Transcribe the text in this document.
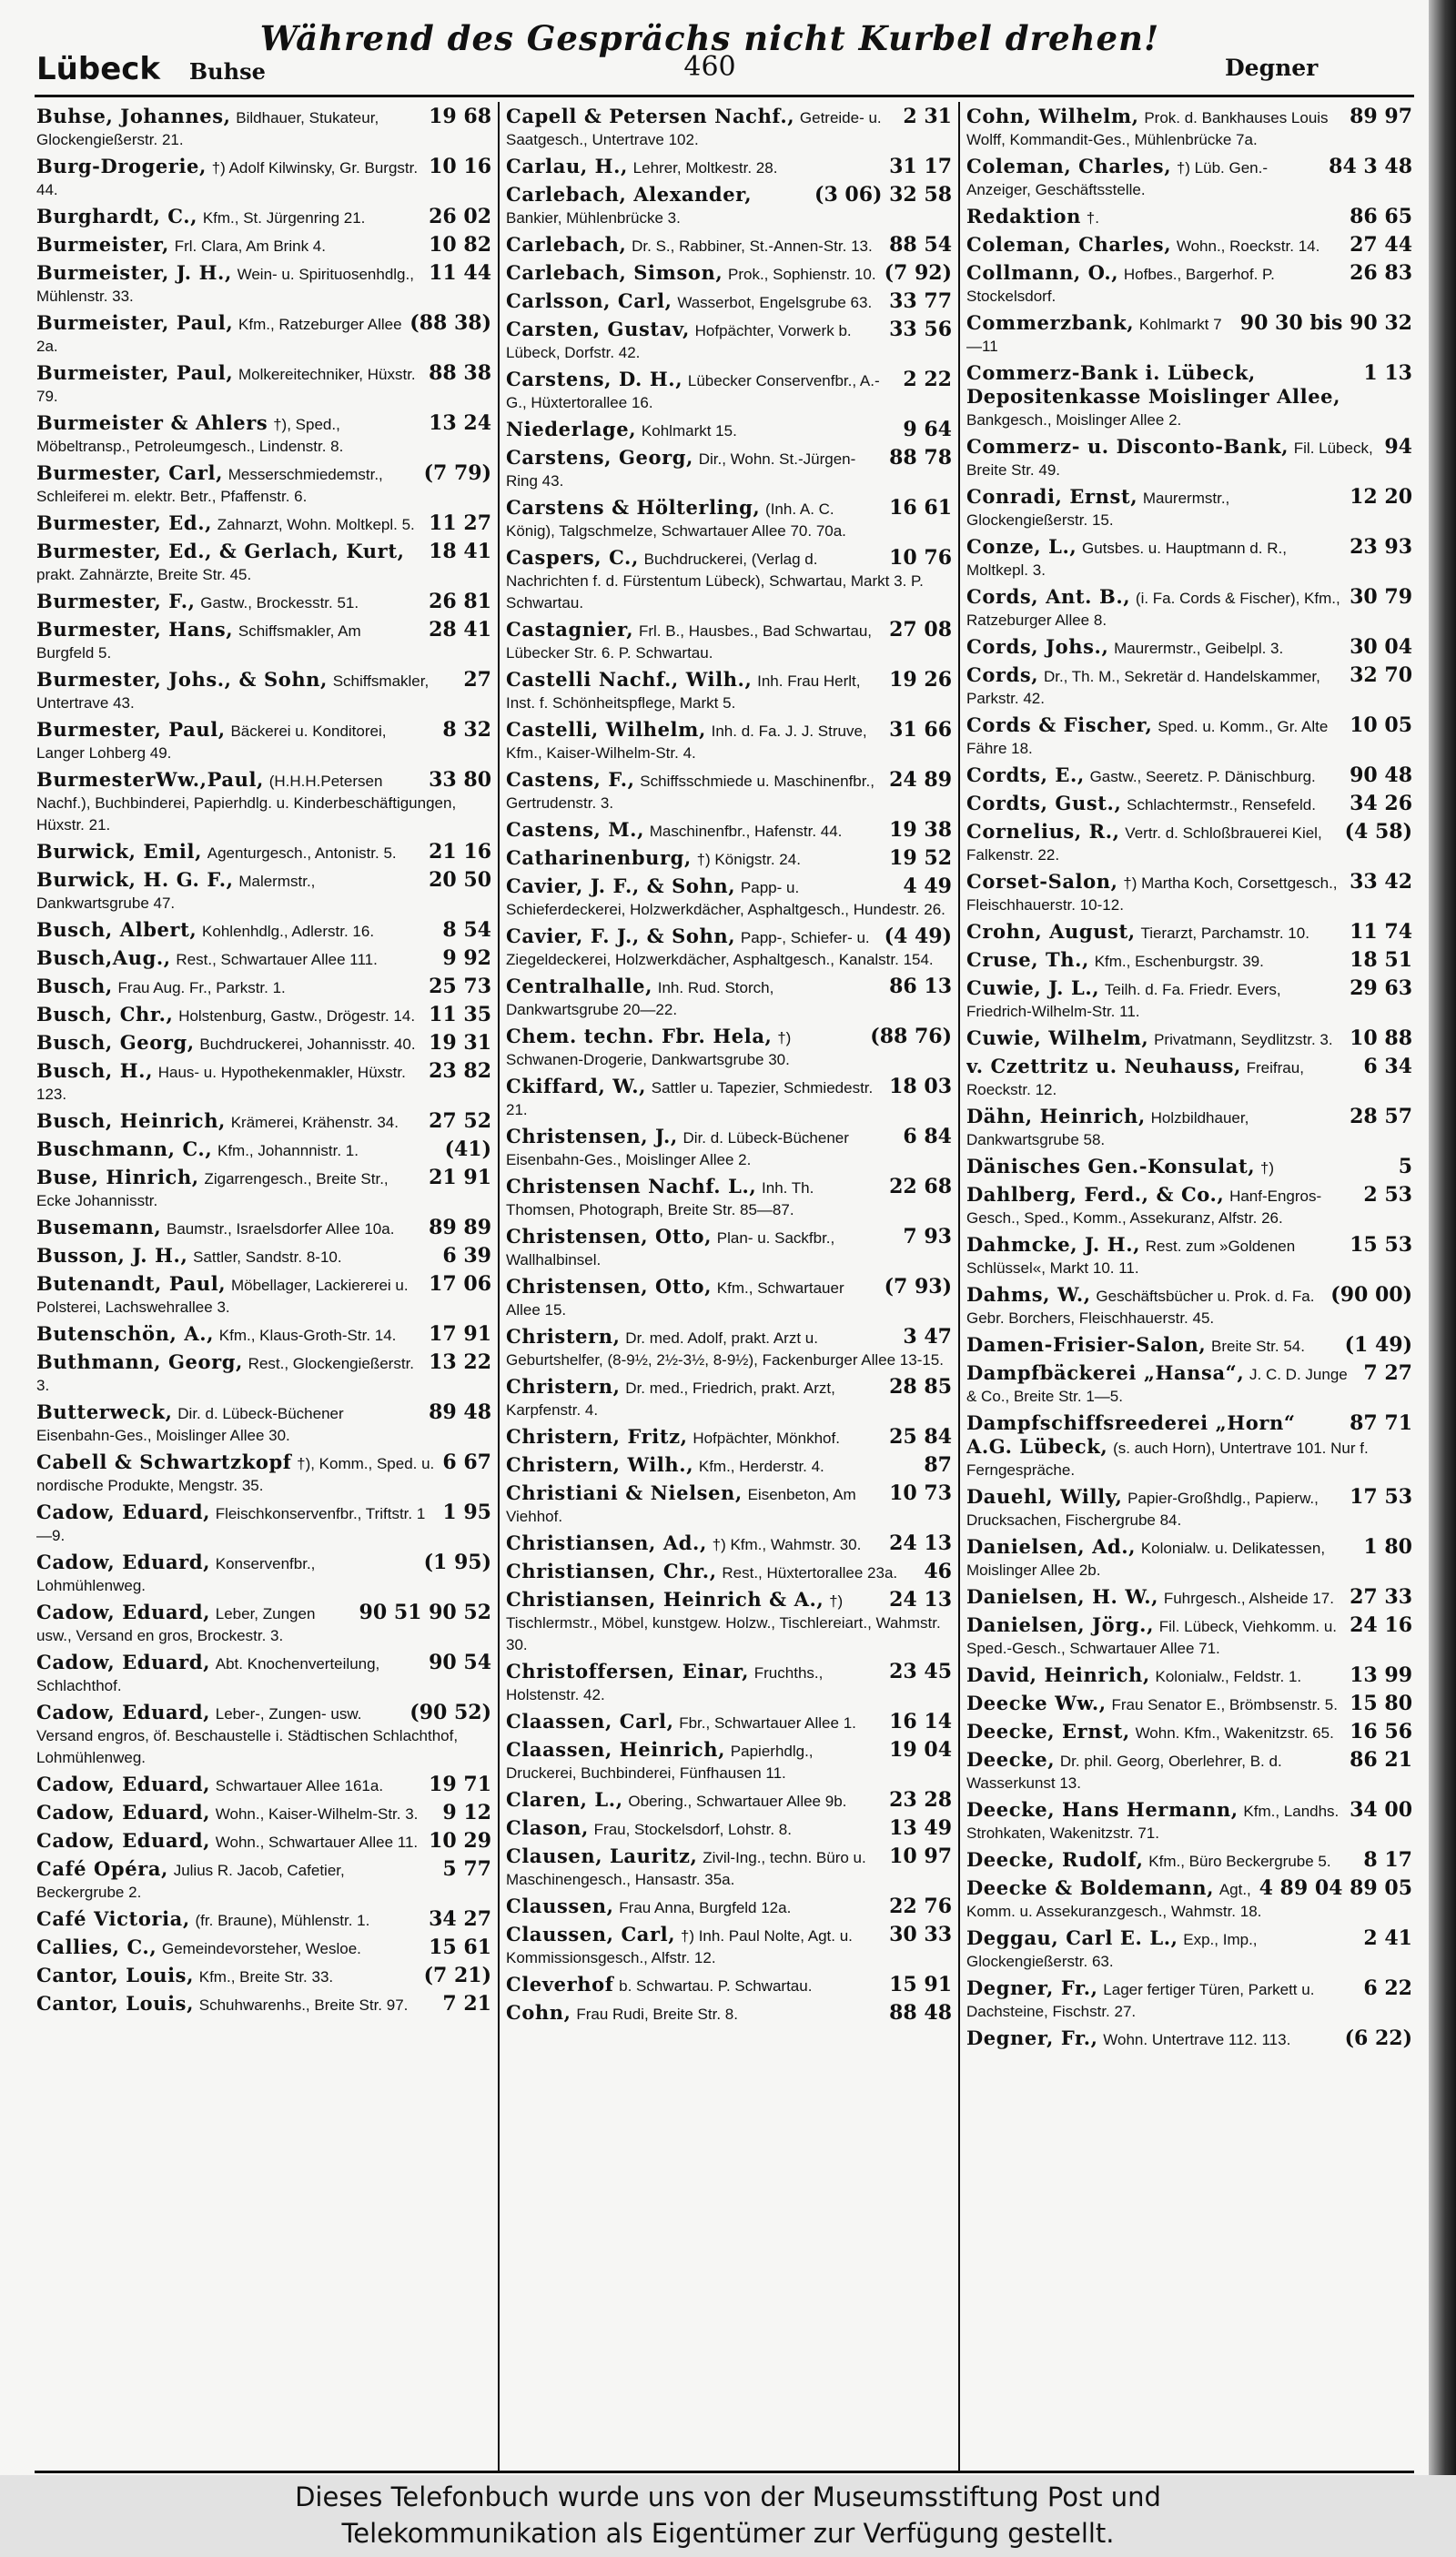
Während des Gesprächs nicht Kurbel drehen!
Lübeck Buhse	460	Degner
19 68
Buhse, Johannes, Bildhauer, Stukateur, Glockengießerstr. 21.
10 16
Burg-Drogerie, †) Adolf Kilwinsky, Gr. Burgstr. 44.
26 02
Burghardt, C., Kfm., St. Jürgenring 21.
10 82
Burmeister, Frl. Clara, Am Brink 4.
11 44
Burmeister, J. H., Wein- u. Spirituosenhdlg., Mühlenstr. 33.
(88 38)
Burmeister, Paul, Kfm., Ratzeburger Allee 2a.
88 38
Burmeister, Paul, Molkereitechniker, Hüxstr. 79.
13 24
Burmeister & Ahlers †), Sped., Möbeltransp., Petroleumgesch., Lindenstr. 8.
(7 79)
Burmester, Carl, Messerschmiedemstr., Schleiferei m. elektr. Betr., Pfaffenstr. 6.
11 27
Burmester, Ed., Zahnarzt, Wohn. Moltkepl. 5.
18 41
Burmester, Ed., & Gerlach, Kurt, prakt. Zahnärzte, Breite Str. 45.
26 81
Burmester, F., Gastw., Brockesstr. 51.
28 41
Burmester, Hans, Schiffsmakler, Am Burgfeld 5.
27
Burmester, Johs., & Sohn, Schiffsmakler, Untertrave 43.
8 32
Burmester, Paul, Bäckerei u. Konditorei, Langer Lohberg 49.
33 80
BurmesterWw.,Paul, (H.H.H.Petersen Nachf.), Buchbinderei, Papierhdlg. u. Kinderbeschäftigungen, Hüxstr. 21.
21 16
Burwick, Emil, Agenturgesch., Antonistr. 5.
20 50
Burwick, H. G. F., Malermstr., Dankwartsgrube 47.
8 54
Busch, Albert, Kohlenhdlg., Adlerstr. 16.
9 92
Busch,Aug., Rest., Schwartauer Allee 111.
25 73
Busch, Frau Aug. Fr., Parkstr. 1.
11 35
Busch, Chr., Holstenburg, Gastw., Drögestr. 14.
19 31
Busch, Georg, Buchdruckerei, Johannisstr. 40.
23 82
Busch, H., Haus- u. Hypothekenmakler, Hüxstr. 123.
27 52
Busch, Heinrich, Krämerei, Krähenstr. 34.
(41)
Buschmann, C., Kfm., Johannnistr. 1.
21 91
Buse, Hinrich, Zigarrengesch., Breite Str., Ecke Johannisstr.
89 89
Busemann, Baumstr., Israelsdorfer Allee 10a.
6 39
Busson, J. H., Sattler, Sandstr. 8-10.
17 06
Butenandt, Paul, Möbellager, Lackiererei u. Polsterei, Lachswehrallee 3.
17 91
Butenschön, A., Kfm., Klaus-Groth-Str. 14.
13 22
Buthmann, Georg, Rest., Glockengießerstr. 3.
89 48
Butterweck, Dir. d. Lübeck-Büchener Eisenbahn-Ges., Moislinger Allee 30.
6 67
Cabell & Schwartzkopf †), Komm., Sped. u. nordische Produkte, Mengstr. 35.
1 95
Cadow, Eduard, Fleischkonservenfbr., Triftstr. 1—9.
(1 95)
Cadow, Eduard, Konservenfbr., Lohmühlenweg.
90 51 90 52
Cadow, Eduard, Leber, Zungen usw., Versand en gros, Brockestr. 3.
90 54
Cadow, Eduard, Abt. Knochenverteilung, Schlachthof.
(90 52)
Cadow, Eduard, Leber-, Zungen- usw. Versand engros, öf. Beschaustelle i. Städtischen Schlachthof, Lohmühlenweg.
19 71
Cadow, Eduard, Schwartauer Allee 161a.
9 12
Cadow, Eduard, Wohn., Kaiser-Wilhelm-Str. 3.
10 29
Cadow, Eduard, Wohn., Schwartauer Allee 11.
5 77
Café Opéra, Julius R. Jacob, Cafetier, Beckergrube 2.
34 27
Café Victoria, (fr. Braune), Mühlenstr. 1.
15 61
Callies, C., Gemeindevorsteher, Wesloe.
(7 21)
Cantor, Louis, Kfm., Breite Str. 33.
7 21
Cantor, Louis, Schuhwarenhs., Breite Str. 97.
2 31
Capell & Petersen Nachf., Getreide- u. Saatgesch., Untertrave 102.
31 17
Carlau, H., Lehrer, Moltkestr. 28.
(3 06) 32 58
Carlebach, Alexander, Bankier, Mühlenbrücke 3.
88 54
Carlebach, Dr. S., Rabbiner, St.-Annen-Str. 13.
(7 92)
Carlebach, Simson, Prok., Sophienstr. 10.
33 77
Carlsson, Carl, Wasserbot, Engelsgrube 63.
33 56
Carsten, Gustav, Hofpächter, Vorwerk b. Lübeck, Dorfstr. 42.
2 22
Carstens, D. H., Lübecker Conservenfbr., A.-G., Hüxtertorallee 16.
9 64
Niederlage, Kohlmarkt 15.
88 78
Carstens, Georg, Dir., Wohn. St.-Jürgen-Ring 43.
16 61
Carstens & Hölterling, (Inh. A. C. König), Talgschmelze, Schwartauer Allee 70. 70a.
10 76
Caspers, C., Buchdruckerei, (Verlag d. Nachrichten f. d. Fürstentum Lübeck), Schwartau, Markt 3. P. Schwartau.
27 08
Castagnier, Frl. B., Hausbes., Bad Schwartau, Lübecker Str. 6. P. Schwartau.
19 26
Castelli Nachf., Wilh., Inh. Frau Herlt, Inst. f. Schönheitspflege, Markt 5.
31 66
Castelli, Wilhelm, Inh. d. Fa. J. J. Struve, Kfm., Kaiser-Wilhelm-Str. 4.
24 89
Castens, F., Schiffsschmiede u. Maschinenfbr., Gertrudenstr. 3.
19 38
Castens, M., Maschinenfbr., Hafenstr. 44.
19 52
Catharinenburg, †) Königstr. 24.
4 49
Cavier, J. F., & Sohn, Papp- u. Schieferdeckerei, Holzwerkdächer, Asphaltgesch., Hundestr. 26.
(4 49)
Cavier, F. J., & Sohn, Papp-, Schiefer- u. Ziegeldeckerei, Holzwerkdächer, Asphaltgesch., Kanalstr. 154.
86 13
Centralhalle, Inh. Rud. Storch, Dankwartsgrube 20—22.
(88 76)
Chem. techn. Fbr. Hela, †) Schwanen-Drogerie, Dankwartsgrube 30.
18 03
Ckiffard, W., Sattler u. Tapezier, Schmiedestr. 21.
6 84
Christensen, J., Dir. d. Lübeck-Büchener Eisenbahn-Ges., Moislinger Allee 2.
22 68
Christensen Nachf. L., Inh. Th. Thomsen, Photograph, Breite Str. 85—87.
7 93
Christensen, Otto, Plan- u. Sackfbr., Wallhalbinsel.
(7 93)
Christensen, Otto, Kfm., Schwartauer Allee 15.
3 47
Christern, Dr. med. Adolf, prakt. Arzt u. Geburtshelfer, (8-9½, 2½-3½, 8-9½), Fackenburger Allee 13-15.
28 85
Christern, Dr. med., Friedrich, prakt. Arzt, Karpfenstr. 4.
25 84
Christern, Fritz, Hofpächter, Mönkhof.
87
Christern, Wilh., Kfm., Herderstr. 4.
10 73
Christiani & Nielsen, Eisenbeton, Am Viehhof.
24 13
Christiansen, Ad., †) Kfm., Wahmstr. 30.
46
Christiansen, Chr., Rest., Hüxtertorallee 23a.
24 13
Christiansen, Heinrich & A., †) Tischlermstr., Möbel, kunstgew. Holzw., Tischlereiart., Wahmstr. 30.
23 45
Christoffersen, Einar, Fruchths., Holstenstr. 42.
16 14
Claassen, Carl, Fbr., Schwartauer Allee 1.
19 04
Claassen, Heinrich, Papierhdlg., Druckerei, Buchbinderei, Fünfhausen 11.
23 28
Claren, L., Obering., Schwartauer Allee 9b.
13 49
Clason, Frau, Stockelsdorf, Lohstr. 8.
10 97
Clausen, Lauritz, Zivil-Ing., techn. Büro u. Maschinengesch., Hansastr. 35a.
22 76
Claussen, Frau Anna, Burgfeld 12a.
30 33
Claussen, Carl, †) Inh. Paul Nolte, Agt. u. Kommissionsgesch., Alfstr. 12.
15 91
Cleverhof b. Schwartau. P. Schwartau.
88 48
Cohn, Frau Rudi, Breite Str. 8.
89 97
Cohn, Wilhelm, Prok. d. Bankhauses Louis Wolff, Kommandit-Ges., Mühlenbrücke 7a.
84 3 48
Coleman, Charles, †) Lüb. Gen.-Anzeiger, Geschäftsstelle.
86 65
Redaktion †.
27 44
Coleman, Charles, Wohn., Roeckstr. 14.
26 83
Collmann, O., Hofbes., Bargerhof. P. Stockelsdorf.
90 30 bis 90 32
Commerzbank, Kohlmarkt 7—11
1 13
Commerz-Bank i. Lübeck, Depositenkasse Moislinger Allee, Bankgesch., Moislinger Allee 2.
94
Commerz- u. Disconto-Bank, Fil. Lübeck, Breite Str. 49.
12 20
Conradi, Ernst, Maurermstr., Glockengießerstr. 15.
23 93
Conze, L., Gutsbes. u. Hauptmann d. R., Moltkepl. 3.
30 79
Cords, Ant. B., (i. Fa. Cords & Fischer), Kfm., Ratzeburger Allee 8.
30 04
Cords, Johs., Maurermstr., Geibelpl. 3.
32 70
Cords, Dr., Th. M., Sekretär d. Handelskammer, Parkstr. 42.
10 05
Cords & Fischer, Sped. u. Komm., Gr. Alte Fähre 18.
90 48
Cordts, E., Gastw., Seeretz. P. Dänischburg.
34 26
Cordts, Gust., Schlachtermstr., Rensefeld.
(4 58)
Cornelius, R., Vertr. d. Schloßbrauerei Kiel, Falkenstr. 22.
33 42
Corset-Salon, †) Martha Koch, Corsettgesch., Fleischhauerstr. 10-12.
11 74
Crohn, August, Tierarzt, Parchamstr. 10.
18 51
Cruse, Th., Kfm., Eschenburgstr. 39.
29 63
Cuwie, J. L., Teilh. d. Fa. Friedr. Evers, Friedrich-Wilhelm-Str. 11.
10 88
Cuwie, Wilhelm, Privatmann, Seydlitzstr. 3.
6 34
v. Czettritz u. Neuhauss, Freifrau, Roeckstr. 12.
28 57
Dähn, Heinrich, Holzbildhauer, Dankwartsgrube 58.
5
Dänisches Gen.-Konsulat, †)
2 53
Dahlberg, Ferd., & Co., Hanf-Engros-Gesch., Sped., Komm., Assekuranz, Alfstr. 26.
15 53
Dahmcke, J. H., Rest. zum »Goldenen Schlüssel«, Markt 10. 11.
(90 00)
Dahms, W., Geschäftsbücher u. Prok. d. Fa. Gebr. Borchers, Fleischhauerstr. 45.
(1 49)
Damen-Frisier-Salon, Breite Str. 54.
7 27
Dampfbäckerei „Hansa“, J. C. D. Junge & Co., Breite Str. 1—5.
87 71
Dampfschiffsreederei „Horn“ A.G. Lübeck, (s. auch Horn), Untertrave 101. Nur f. Ferngespräche.
17 53
Dauehl, Willy, Papier-Großhdlg., Papierw., Drucksachen, Fischergrube 84.
1 80
Danielsen, Ad., Kolonialw. u. Delikatessen, Moislinger Allee 2b.
27 33
Danielsen, H. W., Fuhrgesch., Alsheide 17.
24 16
Danielsen, Jörg., Fil. Lübeck, Viehkomm. u. Sped.-Gesch., Schwartauer Allee 71.
13 99
David, Heinrich, Kolonialw., Feldstr. 1.
15 80
Deecke Ww., Frau Senator E., Brömbsenstr. 5.
16 56
Deecke, Ernst, Wohn. Kfm., Wakenitzstr. 65.
86 21
Deecke, Dr. phil. Georg, Oberlehrer, B. d. Wasserkunst 13.
34 00
Deecke, Hans Hermann, Kfm., Landhs. Strohkaten, Wakenitzstr. 71.
8 17
Deecke, Rudolf, Kfm., Büro Beckergrube 5.
4 89 04 89 05
Deecke & Boldemann, Agt., Komm. u. Assekuranzgesch., Wahmstr. 18.
2 41
Deggau, Carl E. L., Exp., Imp., Glockengießerstr. 63.
6 22
Degner, Fr., Lager fertiger Türen, Parkett u. Dachsteine, Fischstr. 27.
(6 22)
Degner, Fr., Wohn. Untertrave 112. 113.
Dieses Telefonbuch wurde uns von der Museumsstiftung Post und
Telekommunikation als Eigentümer zur Verfügung gestellt.
